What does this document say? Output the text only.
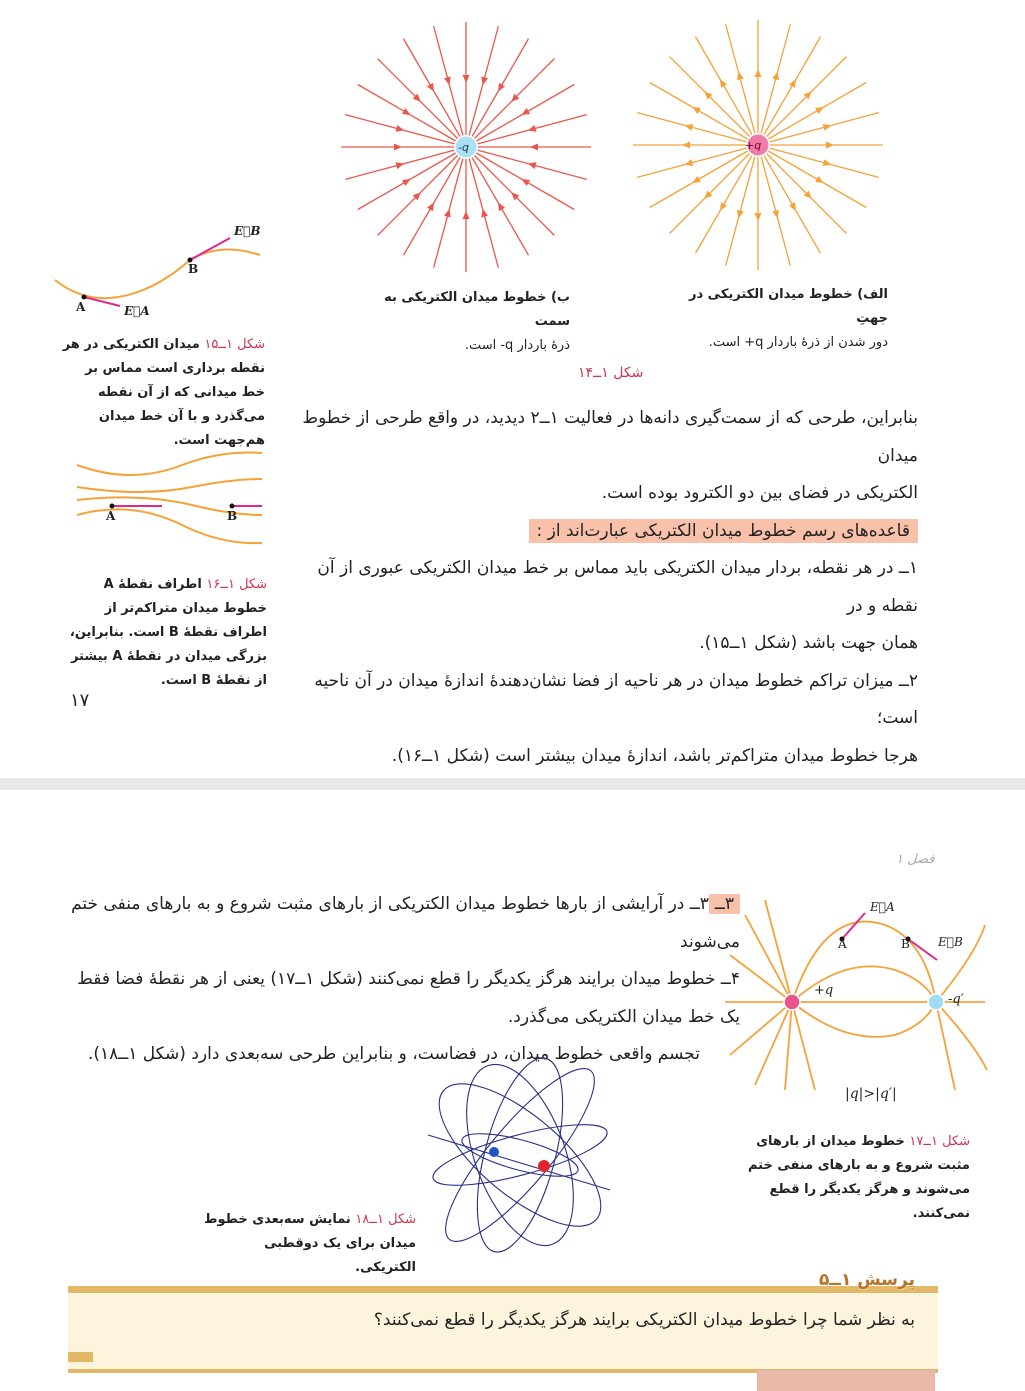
+q
-q
الف) خطوط میدان الکتریکی در جهتِ
دور شدن از ذرهٔ باردار q+ است.
ب) خطوط میدان الکتریکی به سمت
ذرهٔ باردار q- است.
شکل ۱ــ۱۴
بنابراین، طرحی که از سمت‌گیری دانه‌ها در فعالیت ۱ــ۲ دیدید، در واقع طرحی از خطوط میدان
الکتریکی در فضای بین دو الکترود بوده است.
قاعده‌های رسم خطوط میدان الکتریکی عبارت‌اند از :
۱ــ در هر نقطه، بردار میدان الکتریکی باید مماس بر خط میدان الکتریکی عبوری از آن نقطه و در
همان جهت باشد (شکل ۱ــ۱۵).
۲ــ میزان تراکم خطوط میدان در هر ناحیه از فضا نشان‌دهندهٔ اندازهٔ میدان در آن ناحیه است؛
هرجا خطوط میدان متراکم‌تر باشد، اندازهٔ میدان بیشتر است (شکل ۱ــ۱۶).
A
B
E⃗A
E⃗B
شکل ۱ــ۱۵ میدان الکتریکی در هر نقطه برداری است مماس بر خط میدانی که از آن نقطه می‌گذرد و با آن خط میدان هم‌جهت است.
A	B
شکل ۱ــ۱۶ اطراف نقطهٔ A خطوط میدان متراکم‌تر از اطراف نقطهٔ B است. بنابراین، بزرگی میدان در نقطهٔ A بیشتر از نقطهٔ B است.
۱۷
فصل ۱
۳ــ۳ــ در آرایشی از بارها خطوط میدان الکتریکی از بارهای مثبت شروع و به بارهای منفی ختم می‌شوند
۴ــ خطوط میدان برایند هرگز یکدیگر را قطع نمی‌کنند (شکل ۱ــ۱۷) یعنی از هر نقطهٔ فضا فقط
یک خط میدان الکتریکی می‌گذرد.
تجسم واقعی خطوط میدان، در فضاست، و بنابراین طرحی سه‌بعدی دارد (شکل ۱ــ۱۸).
A	B
E⃗A
E⃗B
+q
-q′
|q|>|q′|
شکل ۱ــ۱۷ خطوط میدان از بارهای مثبت شروع و به بارهای منفی ختم می‌شوند و هرگز یکدیگر را قطع نمی‌کنند.
شکل ۱ــ۱۸ نمایش سه‌بعدی خطوط میدان برای یک دوقطبی الکتریکی.
پرسش ۱ــ۵
به نظر شما چرا خطوط میدان الکتریکی برایند هرگز یکدیگر را قطع نمی‌کنند؟
